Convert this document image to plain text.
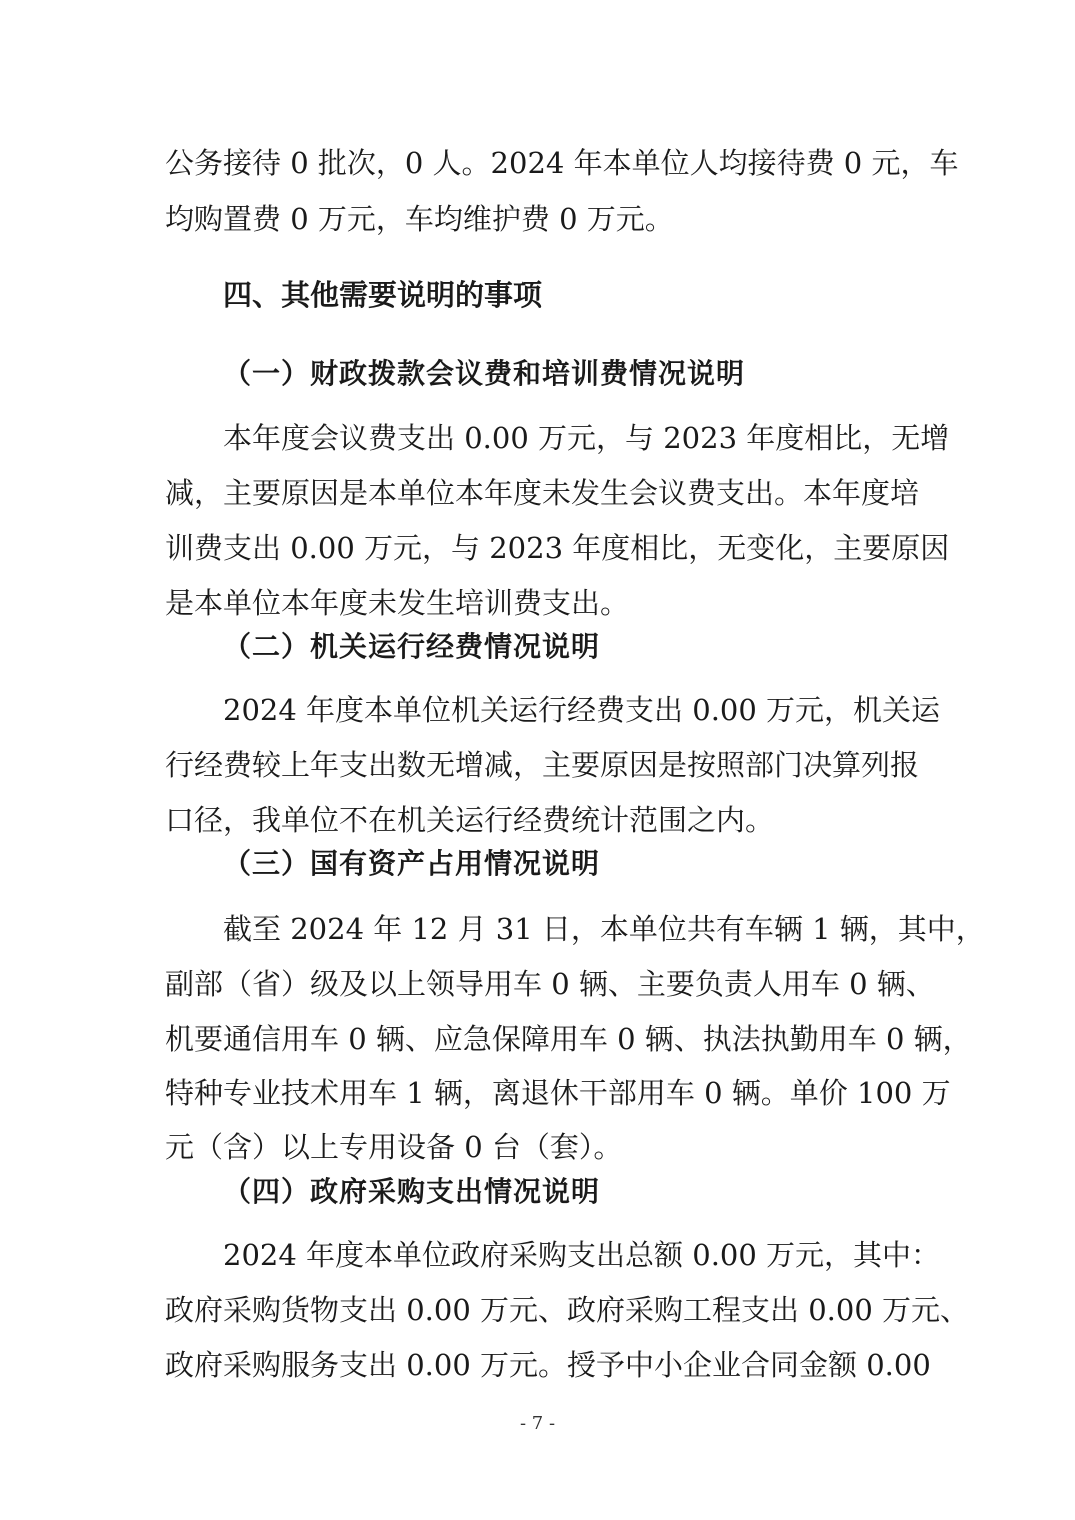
公务接待 0 批次，0 人。2024 年本单位人均接待费 0 元，车
均购置费 0 万元，车均维护费 0 万元。
四、其他需要说明的事项
（一）财政拨款会议费和培训费情况说明
本年度会议费支出 0.00 万元，与 2023 年度相比，无增
减，主要原因是本单位本年度未发生会议费支出。本年度培
训费支出 0.00 万元，与 2023 年度相比，无变化，主要原因
是本单位本年度未发生培训费支出。
（二）机关运行经费情况说明
2024 年度本单位机关运行经费支出 0.00 万元，机关运
行经费较上年支出数无增减，主要原因是按照部门决算列报
口径，我单位不在机关运行经费统计范围之内。
（三）国有资产占用情况说明
截至 2024 年 12 月 31 日，本单位共有车辆 1 辆，其中，
副部（省）级及以上领导用车 0 辆、主要负责人用车 0 辆、
机要通信用车 0 辆、应急保障用车 0 辆、执法执勤用车 0 辆，
特种专业技术用车 1 辆，离退休干部用车 0 辆。单价 100 万
元（含）以上专用设备 0 台（套）。
（四）政府采购支出情况说明
2024 年度本单位政府采购支出总额 0.00 万元，其中：
政府采购货物支出 0.00 万元、政府采购工程支出 0.00 万元、
政府采购服务支出 0.00 万元。授予中小企业合同金额 0.00
- 7 -
